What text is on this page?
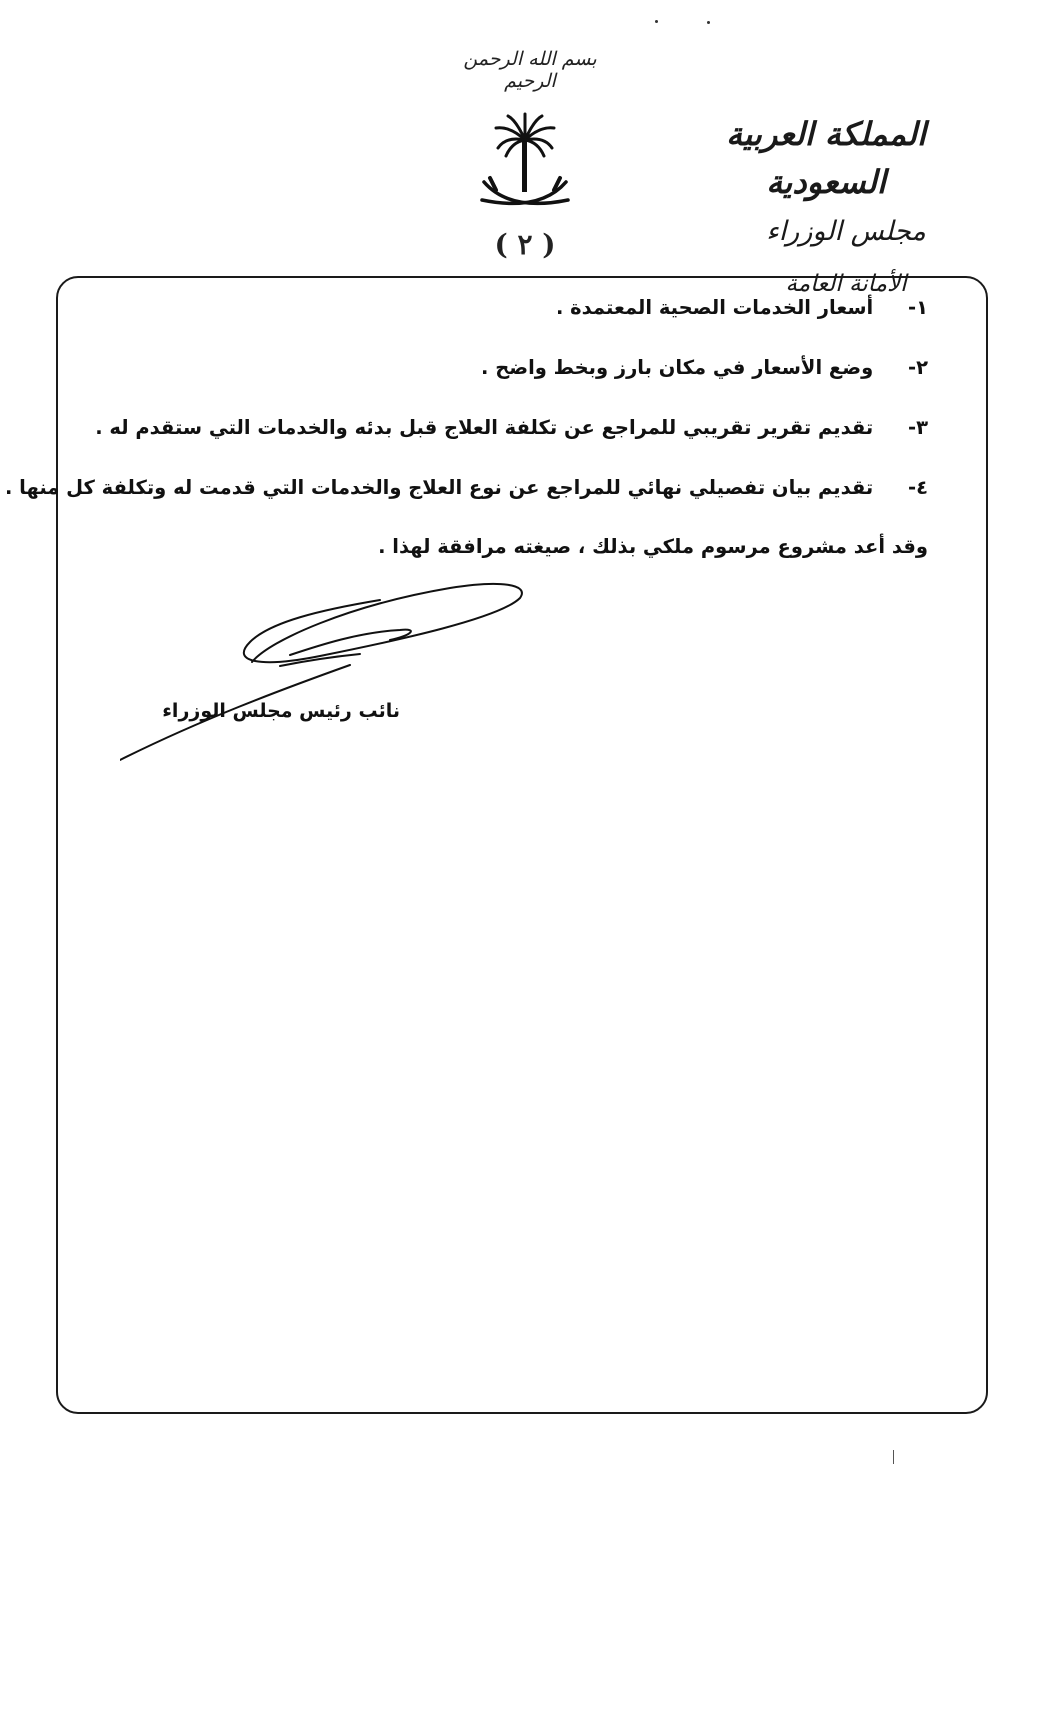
بسم الله الرحمن الرحيم
( ٢ )
المملكة العربية السعودية
مجلس الوزراء
الأمانة العامة
١- أسعار الخدمات الصحية المعتمدة .
٢- وضع الأسعار في مكان بارز وبخط واضح .
٣- تقديم تقرير تقريبي للمراجع عن تكلفة العلاج قبل بدئه والخدمات التي ستقدم له .
٤- تقديم بيان تفصيلي نهائي للمراجع عن نوع العلاج والخدمات التي قدمت له وتكلفة كل منها .
وقد أعد مشروع مرسوم ملكي بذلك ، صيغته مرافقة لهذا .
نائب رئيس مجلس الوزراء
